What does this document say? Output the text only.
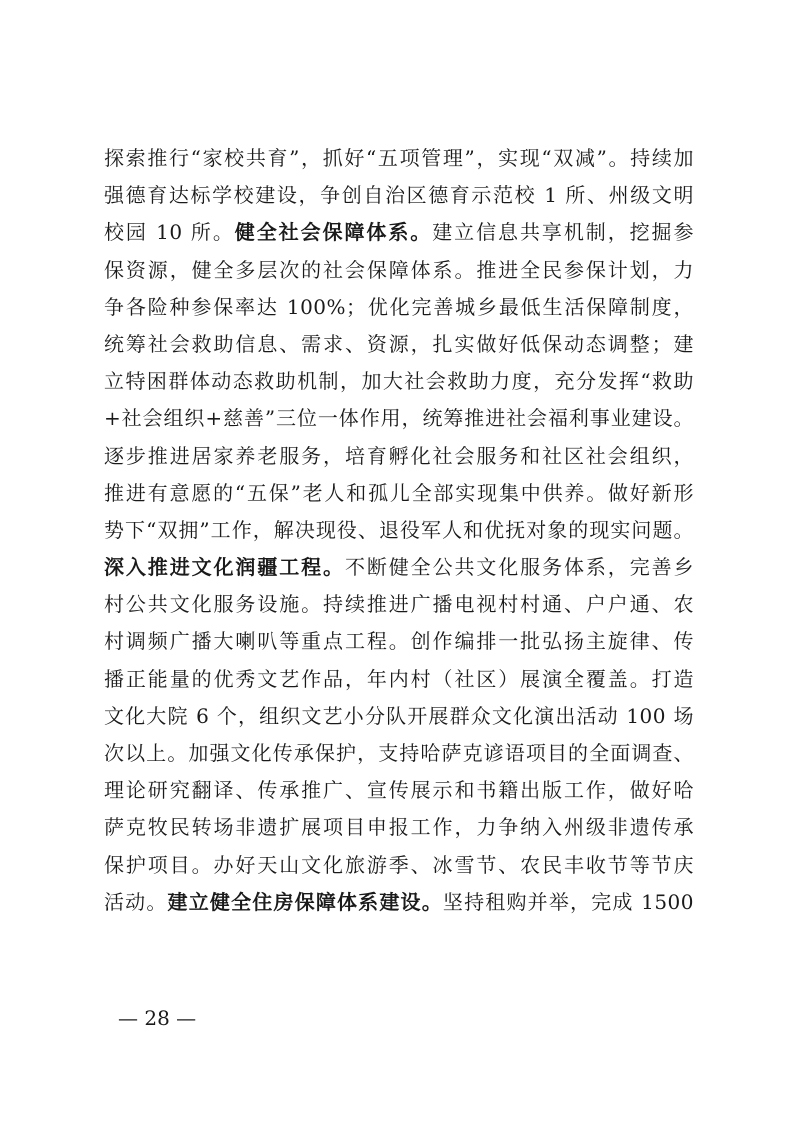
探索推行“家校共育”，抓好“五项管理”，实现“双减”。持续加
强德育达标学校建设，争创自治区德育示范校 1 所、州级文明
校园 10 所。健全社会保障体系。建立信息共享机制，挖掘参
保资源，健全多层次的社会保障体系。推进全民参保计划，力
争各险种参保率达 100%；优化完善城乡最低生活保障制度，
统筹社会救助信息、需求、资源，扎实做好低保动态调整；建
立特困群体动态救助机制，加大社会救助力度，充分发挥“救助
+社会组织+慈善”三位一体作用，统筹推进社会福利事业建设。
逐步推进居家养老服务，培育孵化社会服务和社区社会组织，
推进有意愿的“五保”老人和孤儿全部实现集中供养。做好新形
势下“双拥”工作，解决现役、退役军人和优抚对象的现实问题。
深入推进文化润疆工程。不断健全公共文化服务体系，完善乡
村公共文化服务设施。持续推进广播电视村村通、户户通、农
村调频广播大喇叭等重点工程。创作编排一批弘扬主旋律、传
播正能量的优秀文艺作品，年内村（社区）展演全覆盖。打造
文化大院 6 个，组织文艺小分队开展群众文化演出活动 100 场
次以上。加强文化传承保护，支持哈萨克谚语项目的全面调查、
理论研究翻译、传承推广、宣传展示和书籍出版工作，做好哈
萨克牧民转场非遗扩展项目申报工作，力争纳入州级非遗传承
保护项目。办好天山文化旅游季、冰雪节、农民丰收节等节庆
活动。建立健全住房保障体系建设。坚持租购并举，完成 1500
— 28 —
